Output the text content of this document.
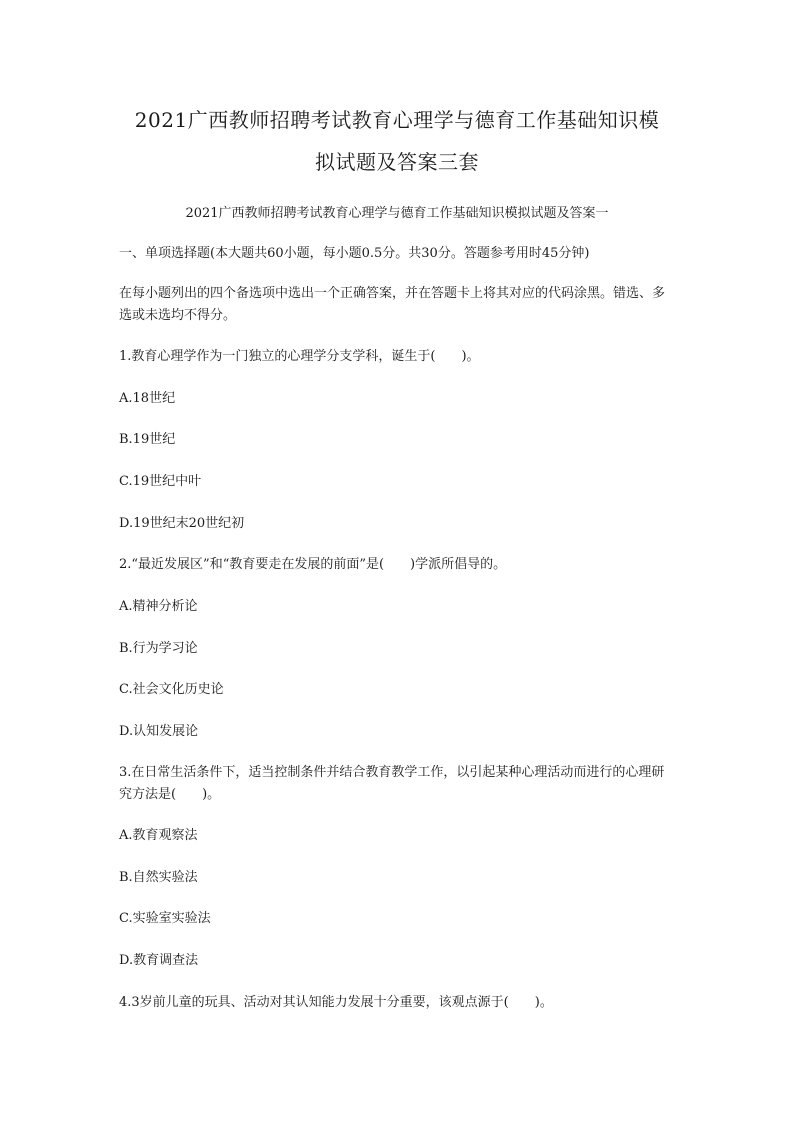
2021广西教师招聘考试教育心理学与德育工作基础知识模
拟试题及答案三套
2021广西教师招聘考试教育心理学与德育工作基础知识模拟试题及答案一
一、单项选择题(本大题共60小题，每小题0.5分。共30分。答题参考用时45分钟)
在每小题列出的四个备选项中选出一个正确答案，并在答题卡上将其对应的代码涂黑。错选、多选或未选均不得分。
1.教育心理学作为一门独立的心理学分支学科，诞生于(　　)。
A.18世纪
B.19世纪
C.19世纪中叶
D.19世纪末20世纪初
2.“最近发展区”和“教育要走在发展的前面”是(　　)学派所倡导的。
A.精神分析论
B.行为学习论
C.社会文化历史论
D.认知发展论
3.在日常生活条件下，适当控制条件并结合教育教学工作，以引起某种心理活动而进行的心理研究方法是(　　)。
A.教育观察法
B.自然实验法
C.实验室实验法
D.教育调查法
4.3岁前儿童的玩具、活动对其认知能力发展十分重要，该观点源于(　　)。
